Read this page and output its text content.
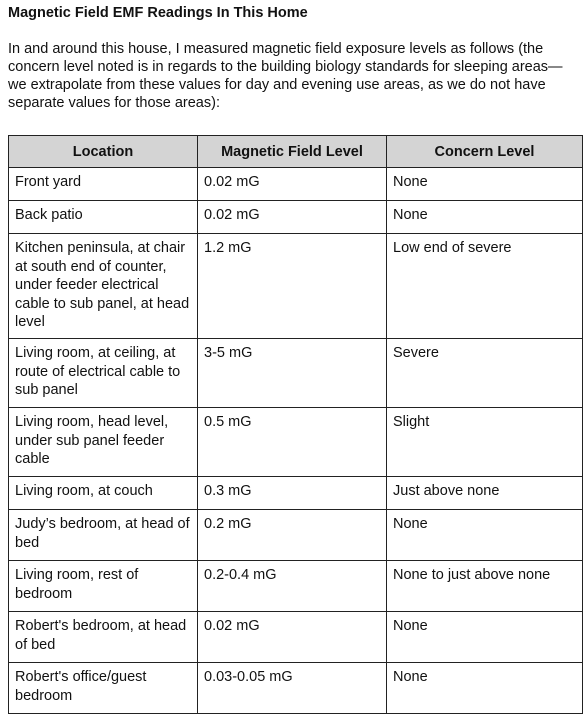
Magnetic Field EMF Readings In This Home
In and around this house, I measured magnetic field exposure levels as follows (the concern level noted is in regards to the building biology standards for sleeping areas—we extrapolate from these values for day and evening use areas, as we do not have separate values for those areas):
Location	Magnetic Field Level	Concern Level
Front yard	0.02 mG	None
Back patio	0.02 mG	None
Kitchen peninsula, at chair at south end of counter, under feeder electrical cable to sub panel, at head level	1.2 mG	Low end of severe
Living room, at ceiling, at route of electrical cable to sub panel	3-5 mG	Severe
Living room, head level, under sub panel feeder cable	0.5 mG	Slight
Living room, at couch	0.3 mG	Just above none
Judy’s bedroom, at head of bed	0.2 mG	None
Living room, rest of bedroom	0.2-0.4 mG	None to just above none
Robert's bedroom, at head of bed	0.02 mG	None
Robert's office/guest bedroom	0.03-0.05 mG	None
